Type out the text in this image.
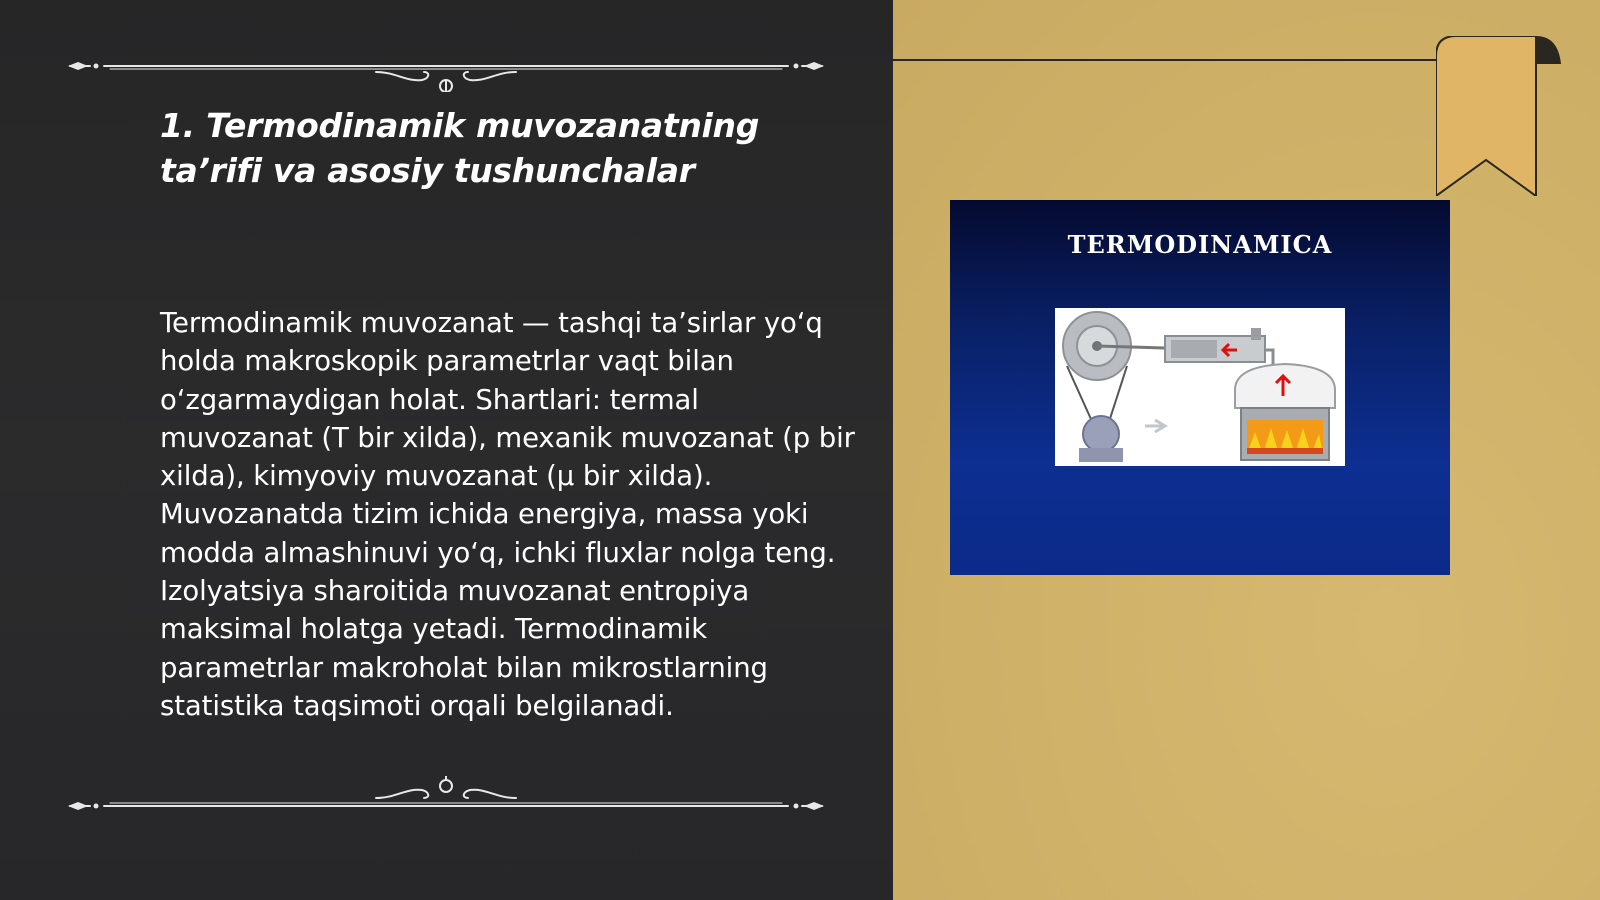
1. Termodinamik muvozanatning ta’rifi va asosiy tushunchalar

Termodinamik muvozanat — tashqi ta’sirlar yo‘q holda makroskopik parametrlar vaqt bilan o‘zgarmaydigan holat. Shartlari: termal muvozanat (T bir xilda), mexanik muvozanat (p bir xilda), kimyoviy muvozanat (μ bir xilda). Muvozanatda tizim ichida energiya, massa yoki modda almashinuvi yo‘q, ichki fluxlar nolga teng. Izolyatsiya sharoitida muvozanat entropiya maksimal holatga yetadi. Termodinamik parametrlar makroholat bilan mikrostlarning statistika taqsimoti orqali belgilanadi.

TERMODINAMICA
